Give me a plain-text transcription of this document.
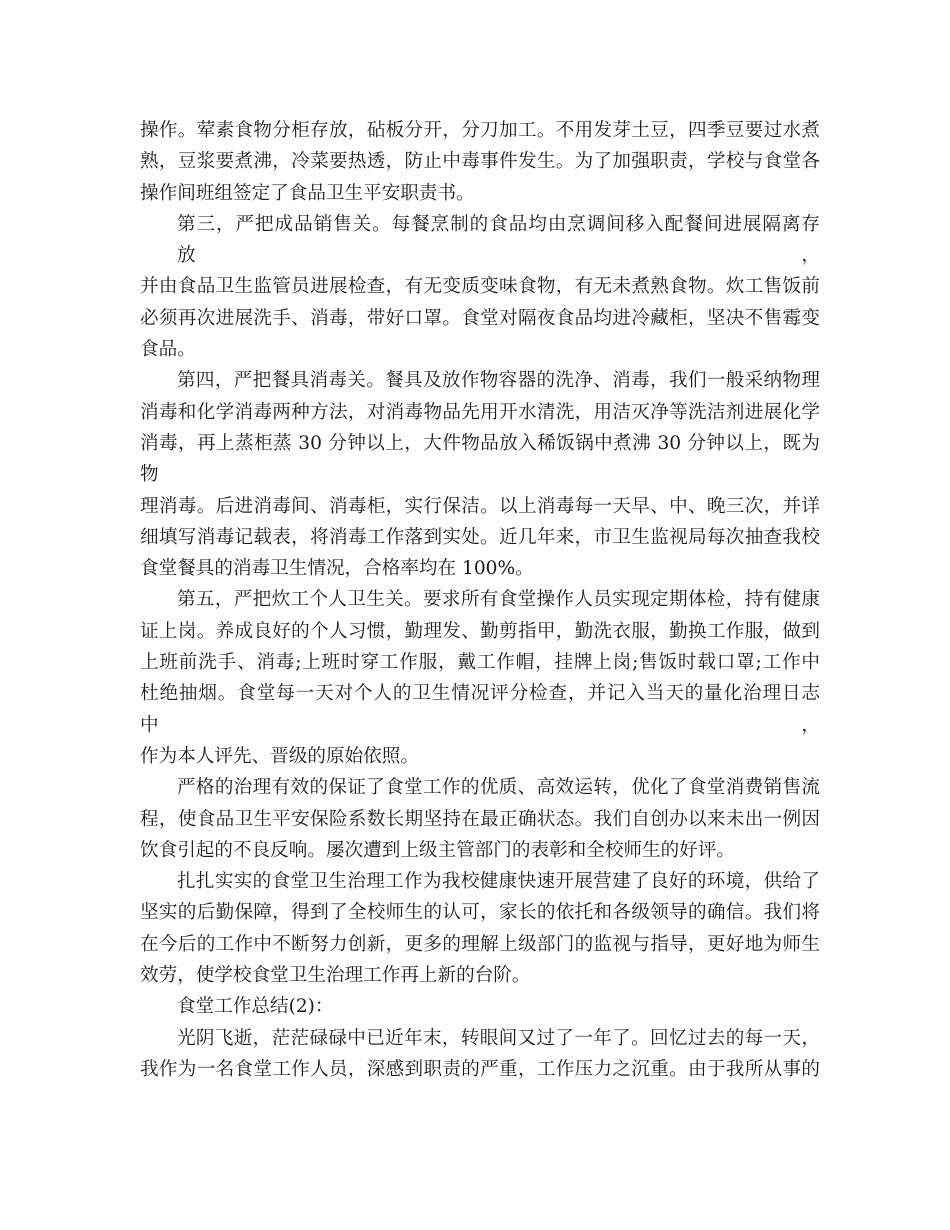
操作。荤素食物分柜存放，砧板分开，分刀加工。不用发芽土豆，四季豆要过水煮
熟，豆浆要煮沸，冷菜要热透，防止中毒事件发生。为了加强职责，学校与食堂各
操作间班组签定了食品卫生平安职责书。

第三，严把成品销售关。每餐烹制的食品均由烹调间移入配餐间进展隔离存放，
并由食品卫生监管员进展检查，有无变质变味食物，有无未煮熟食物。炊工售饭前
必须再次进展洗手、消毒，带好口罩。食堂对隔夜食品均进冷藏柜，坚决不售霉变
食品。

第四，严把餐具消毒关。餐具及放作物容器的洗净、消毒，我们一般采纳物理
消毒和化学消毒两种方法，对消毒物品先用开水清洗，用洁灭净等洗洁剂进展化学
消毒，再上蒸柜蒸 30 分钟以上，大件物品放入稀饭锅中煮沸 30 分钟以上，既为物
理消毒。后进消毒间、消毒柜，实行保洁。以上消毒每一天早、中、晚三次，并详
细填写消毒记载表，将消毒工作落到实处。近几年来，市卫生监视局每次抽查我校
食堂餐具的消毒卫生情况，合格率均在 100%。

第五，严把炊工个人卫生关。要求所有食堂操作人员实现定期体检，持有健康
证上岗。养成良好的个人习惯，勤理发、勤剪指甲，勤洗衣服，勤换工作服，做到
上班前洗手、消毒;上班时穿工作服，戴工作帽，挂牌上岗;售饭时载口罩;工作中
杜绝抽烟。食堂每一天对个人的卫生情况评分检查，并记入当天的量化治理日志中，
作为本人评先、晋级的原始依照。

严格的治理有效的保证了食堂工作的优质、高效运转，优化了食堂消费销售流
程，使食品卫生平安保险系数长期坚持在最正确状态。我们自创办以来未出一例因
饮食引起的不良反响。屡次遭到上级主管部门的表彰和全校师生的好评。

扎扎实实的食堂卫生治理工作为我校健康快速开展营建了良好的环境，供给了
坚实的后勤保障，得到了全校师生的认可，家长的依托和各级领导的确信。我们将
在今后的工作中不断努力创新，更多的理解上级部门的监视与指导，更好地为师生
效劳，使学校食堂卫生治理工作再上新的台阶。

食堂工作总结(2)：

光阴飞逝，茫茫碌碌中已近年末，转眼间又过了一年了。回忆过去的每一天，
我作为一名食堂工作人员，深感到职责的严重，工作压力之沉重。由于我所从事的
